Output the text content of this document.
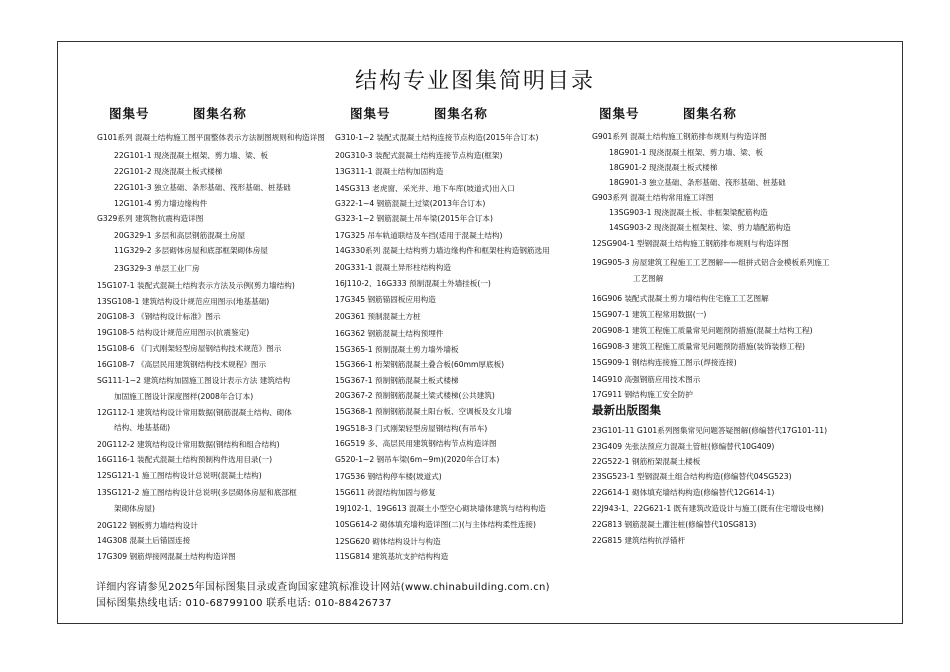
结构专业图集简明目录
图集号	图集名称	图集号	图集名称	图集号	图集名称
G101系列 混凝土结构施工图平面整体表示方法制图规则和构造详图
22G101-1 现浇混凝土框架、剪力墙、梁、板
22G101-2 现浇混凝土板式楼梯
22G101-3 独立基础、条形基础、筏形基础、桩基础
12G101-4 剪力墙边缘构件
G329系列 建筑物抗震构造详图
20G329-1 多层和高层钢筋混凝土房屋
11G329-2 多层砌体房屋和底部框架砌体房屋
23G329-3 单层工业厂房
15G107-1 装配式混凝土结构表示方法及示例(剪力墙结构)
13SG108-1 建筑结构设计规范应用图示(地基基础)
20G108-3 《钢结构设计标准》图示
19G108-5 结构设计规范应用图示(抗震鉴定)
15G108-6 《门式刚架轻型房屋钢结构技术规范》图示
16G108-7 《高层民用建筑钢结构技术规程》图示
SG111-1~2 建筑结构加固施工图设计表示方法 建筑结构
加固施工图设计深度图样(2008年合订本)
12G112-1 建筑结构设计常用数据(钢筋混凝土结构、砌体
结构、地基基础)
20G112-2 建筑结构设计常用数据(钢结构和组合结构)
16G116-1 装配式混凝土结构预制构件选用目录(一)
12SG121-1 施工图结构设计总说明(混凝土结构)
13SG121-2 施工图结构设计总说明(多层砌体房屋和底部框
架砌体房屋)
20G122 钢板剪力墙结构设计
14G308 混凝土后锚固连接
17G309 钢筋焊接网混凝土结构构造详图
G310-1~2 装配式混凝土结构连接节点构造(2015年合订本)
20G310-3 装配式混凝土结构连接节点构造(框架)
13G311-1 混凝土结构加固构造
14SG313 老虎窗、采光井、地下车库(坡道式)出入口
G322-1~4 钢筋混凝土过梁(2013年合订本)
G323-1~2 钢筋混凝土吊车梁(2015年合订本)
17G325 吊车轨道联结及车挡(适用于混凝土结构)
14G330系列 混凝土结构剪力墙边缘构件和框架柱构造钢筋选用
20G331-1 混凝土异形柱结构构造
16J110-2、16G333 预制混凝土外墙挂板(一)
17G345 钢筋锚固板应用构造
20G361 预制混凝土方桩
16G362 钢筋混凝土结构预埋件
15G365-1 预制混凝土剪力墙外墙板
15G366-1 桁架钢筋混凝土叠合板(60mm厚底板)
15G367-1 预制钢筋混凝土板式楼梯
20G367-2 预制钢筋混凝土梁式楼梯(公共建筑)
15G368-1 预制钢筋混凝土阳台板、空调板及女儿墙
19G518-3 门式刚架轻型房屋钢结构(有吊车)
16G519 多、高层民用建筑钢结构节点构造详图
G520-1~2 钢吊车梁(6m~9m)(2020年合订本)
17G536 钢结构停车楼(坡道式)
15G611 砖混结构加固与修复
19J102-1、19G613 混凝土小型空心砌块墙体建筑与结构构造
10SG614-2 砌体填充墙构造详图(二)(与主体结构柔性连接)
12SG620 砌体结构设计与构造
11SG814 建筑基坑支护结构构造
G901系列 混凝土结构施工钢筋排布规则与构造详图
18G901-1 现浇混凝土框架、剪力墙、梁、板
18G901-2 现浇混凝土板式楼梯
18G901-3 独立基础、条形基础、筏形基础、桩基础
G903系列 混凝土结构常用施工详图
13SG903-1 现浇混凝土板、非框架梁配筋构造
14SG903-2 现浇混凝土框架柱、梁、剪力墙配筋构造
12SG904-1 型钢混凝土结构施工钢筋排布规则与构造详图
19G905-3 房屋建筑工程施工工艺图解——组拼式铝合金模板系列施工
工艺图解
16G906 装配式混凝土剪力墙结构住宅施工工艺图解
15G907-1 建筑工程常用数据(一)
20G908-1 建筑工程施工质量常见问题预防措施(混凝土结构工程)
16G908-3 建筑工程施工质量常见问题预防措施(装饰装修工程)
15G909-1 钢结构连接施工图示(焊接连接)
14G910 高强钢筋应用技术图示
17G911 钢结构施工安全防护
最新出版图集
23G101-11 G101系列图集常见问题答疑图解(修编替代17G101-11)
23G409 先张法预应力混凝土管桩(修编替代10G409)
22G522-1 钢筋桁架混凝土楼板
23SG523-1 型钢混凝土组合结构构造(修编替代04SG523)
22G614-1 砌体填充墙结构构造(修编替代12G614-1)
22J943-1、22G621-1 既有建筑改造设计与施工(既有住宅增设电梯)
22G813 钢筋混凝土灌注桩(修编替代10SG813)
22G815 建筑结构抗浮锚杆
详细内容请参见2025年国标图集目录或查询国家建筑标准设计网站(www.chinabuilding.com.cn)
国标图集热线电话: 010-68799100 联系电话: 010-88426737
